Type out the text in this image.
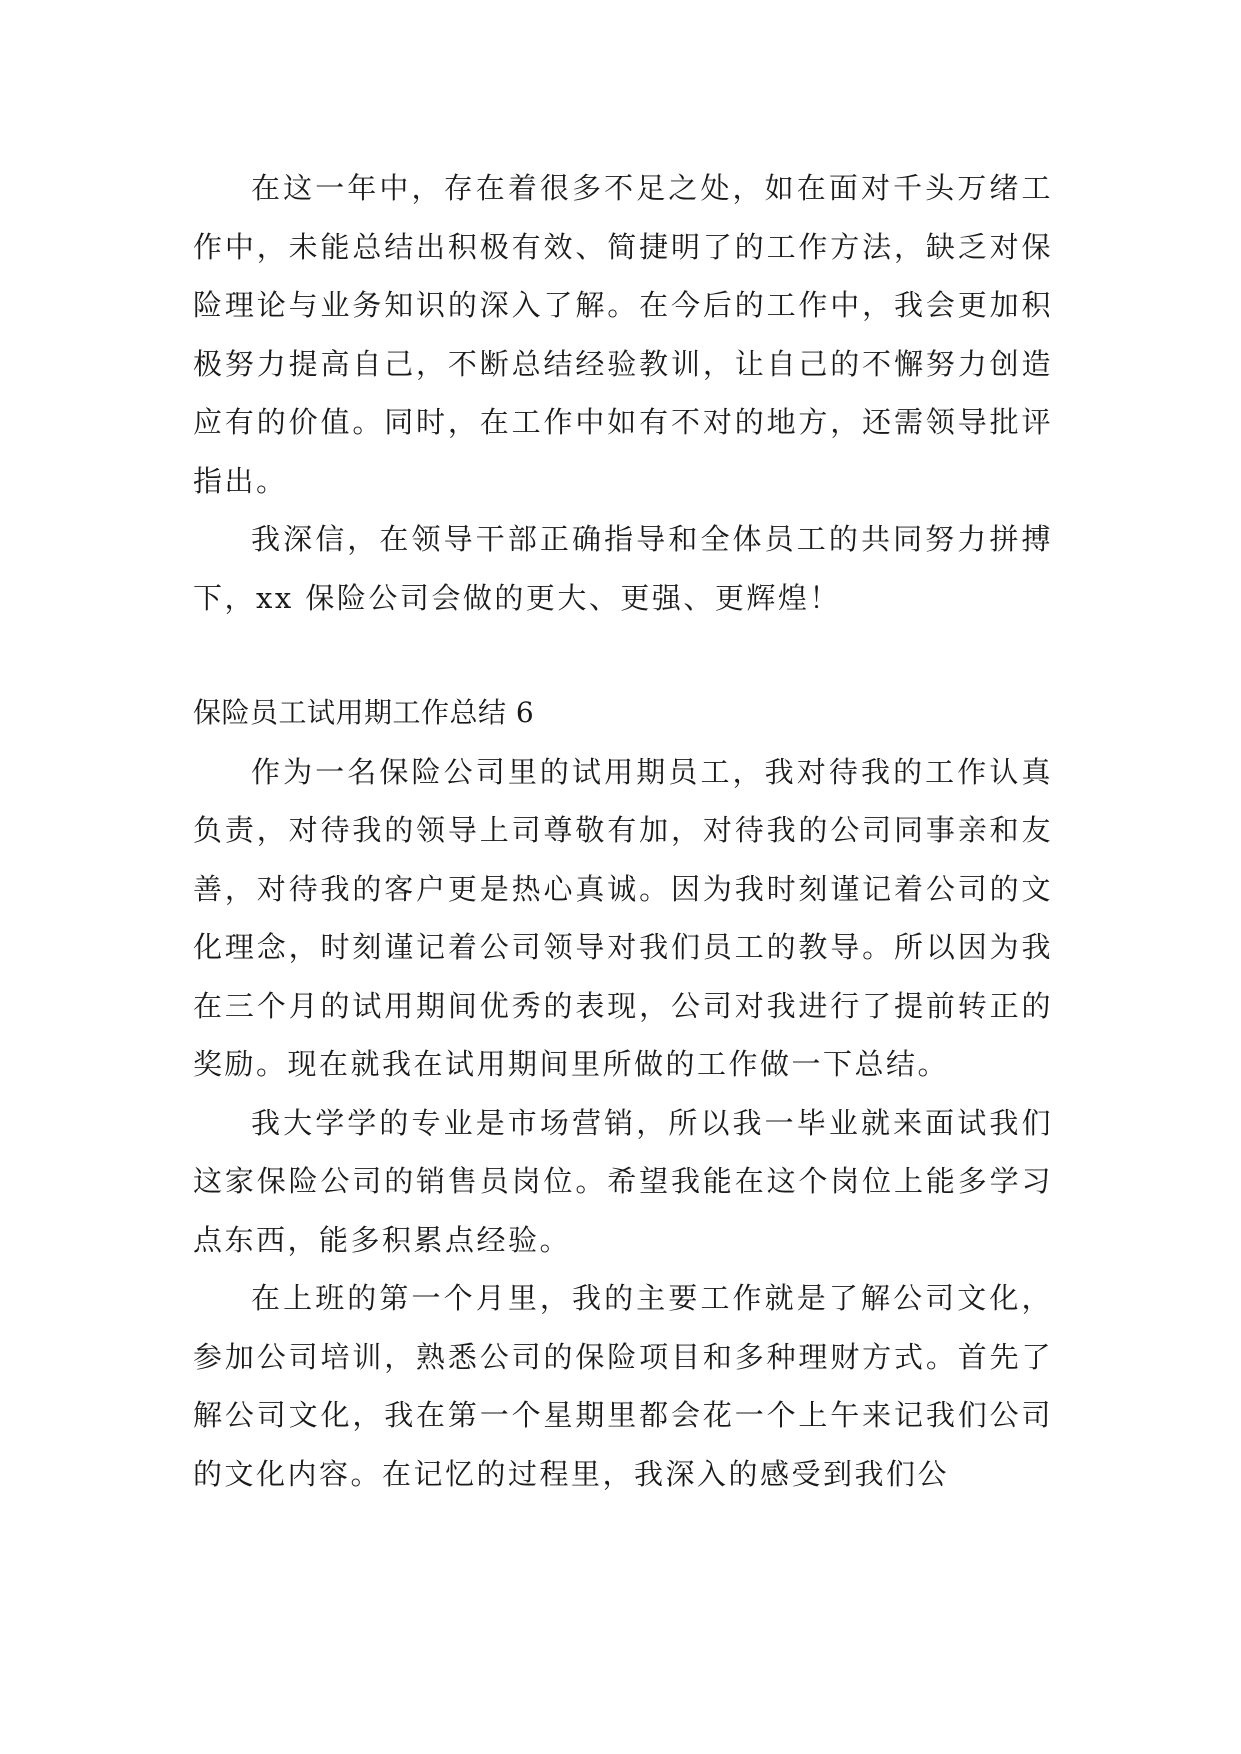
在这一年中，存在着很多不足之处，如在面对千头万绪工作中，未能总结出积极有效、简捷明了的工作方法，缺乏对保险理论与业务知识的深入了解。在今后的工作中，我会更加积极努力提高自己，不断总结经验教训，让自己的不懈努力创造应有的价值。同时，在工作中如有不对的地方，还需领导批评指出。

我深信，在领导干部正确指导和全体员工的共同努力拼搏下，xx 保险公司会做的更大、更强、更辉煌！

保险员工试用期工作总结 6

作为一名保险公司里的试用期员工，我对待我的工作认真负责，对待我的领导上司尊敬有加，对待我的公司同事亲和友善，对待我的客户更是热心真诚。因为我时刻谨记着公司的文化理念，时刻谨记着公司领导对我们员工的教导。所以因为我在三个月的试用期间优秀的表现，公司对我进行了提前转正的奖励。现在就我在试用期间里所做的工作做一下总结。

我大学学的专业是市场营销，所以我一毕业就来面试我们这家保险公司的销售员岗位。希望我能在这个岗位上能多学习点东西，能多积累点经验。

在上班的第一个月里，我的主要工作就是了解公司文化，参加公司培训，熟悉公司的保险项目和多种理财方式。首先了解公司文化，我在第一个星期里都会花一个上午来记我们公司的文化内容。在记忆的过程里，我深入的感受到我们公
